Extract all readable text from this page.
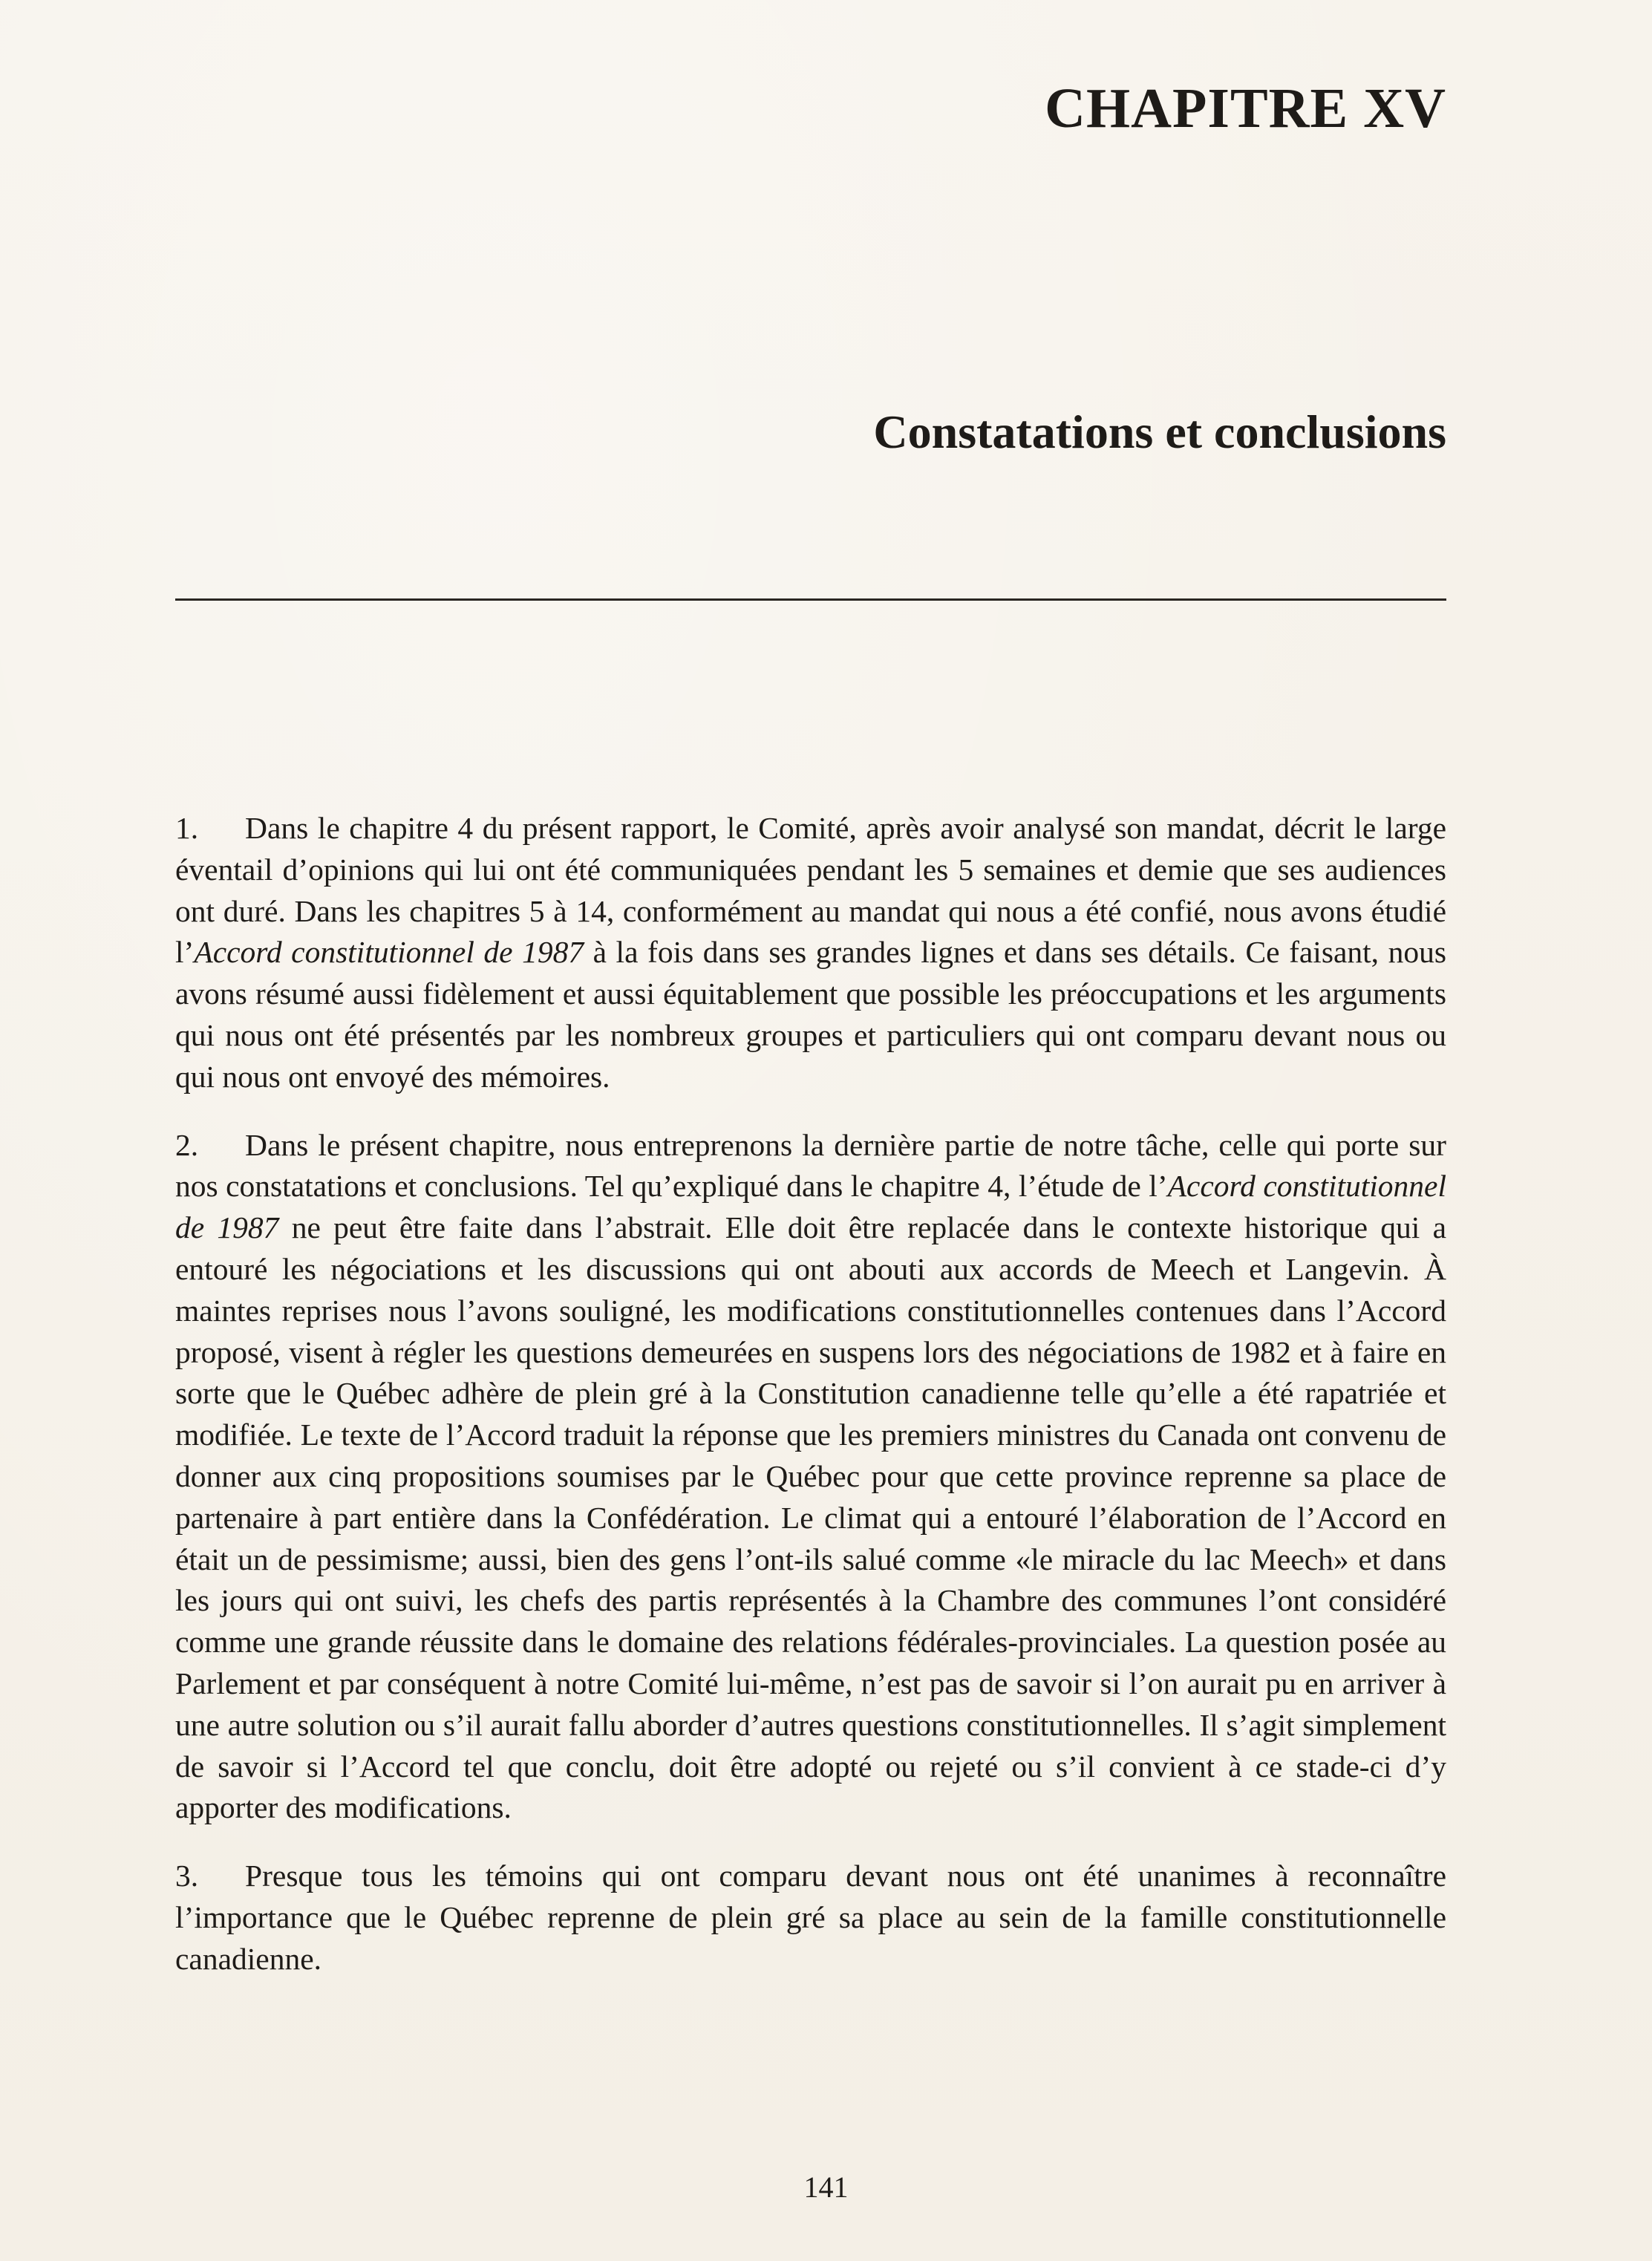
CHAPITRE XV
Constatations et conclusions

1. Dans le chapitre 4 du présent rapport, le Comité, après avoir analysé son mandat, décrit le large éventail d’opinions qui lui ont été communiquées pendant les 5 semaines et demie que ses audiences ont duré. Dans les chapitres 5 à 14, conformément au mandat qui nous a été confié, nous avons étudié l’Accord constitutionnel de 1987 à la fois dans ses grandes lignes et dans ses détails. Ce faisant, nous avons résumé aussi fidèlement et aussi équitablement que possible les préoccupations et les arguments qui nous ont été présentés par les nombreux groupes et particuliers qui ont comparu devant nous ou qui nous ont envoyé des mémoires.

2. Dans le présent chapitre, nous entreprenons la dernière partie de notre tâche, celle qui porte sur nos constatations et conclusions. Tel qu’expliqué dans le chapitre 4, l’étude de l’Accord constitutionnel de 1987 ne peut être faite dans l’abstrait. Elle doit être replacée dans le contexte historique qui a entouré les négociations et les discussions qui ont abouti aux accords de Meech et Langevin. À maintes reprises nous l’avons souligné, les modifications constitutionnelles contenues dans l’Accord proposé, visent à régler les questions demeurées en suspens lors des négociations de 1982 et à faire en sorte que le Québec adhère de plein gré à la Constitution canadienne telle qu’elle a été rapatriée et modifiée. Le texte de l’Accord traduit la réponse que les premiers ministres du Canada ont convenu de donner aux cinq propositions soumises par le Québec pour que cette province reprenne sa place de partenaire à part entière dans la Confédération. Le climat qui a entouré l’élaboration de l’Accord en était un de pessimisme; aussi, bien des gens l’ont-ils salué comme «le miracle du lac Meech» et dans les jours qui ont suivi, les chefs des partis représentés à la Chambre des communes l’ont considéré comme une grande réussite dans le domaine des relations fédérales-provinciales. La question posée au Parlement et par conséquent à notre Comité lui-même, n’est pas de savoir si l’on aurait pu en arriver à une autre solution ou s’il aurait fallu aborder d’autres questions constitutionnelles. Il s’agit simplement de savoir si l’Accord tel que conclu, doit être adopté ou rejeté ou s’il convient à ce stade-ci d’y apporter des modifications.

3. Presque tous les témoins qui ont comparu devant nous ont été unanimes à reconnaître l’importance que le Québec reprenne de plein gré sa place au sein de la famille constitutionnelle canadienne.

141
